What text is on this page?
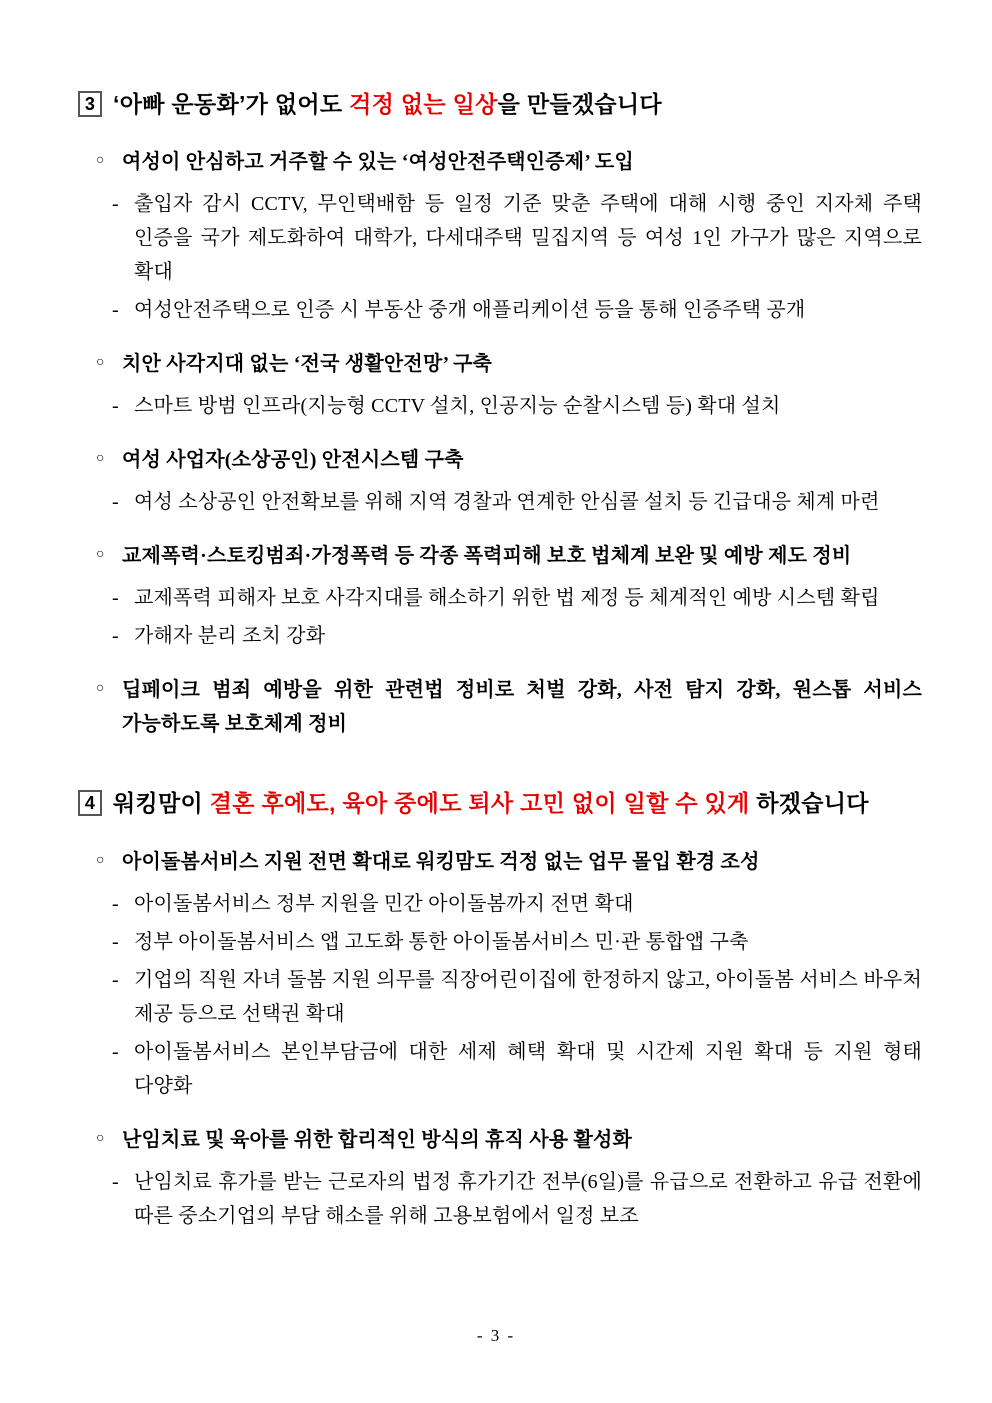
3 ‘아빠 운동화’가 없어도 걱정 없는 일상을 만들겠습니다
○ 여성이 안심하고 거주할 수 있는 ‘여성안전주택인증제’ 도입
- 출입자 감시 CCTV, 무인택배함 등 일정 기준 맞춘 주택에 대해 시행 중인 지자체 주택 인증을 국가 제도화하여 대학가, 다세대주택 밀집지역 등 여성 1인 가구가 많은 지역으로 확대
- 여성안전주택으로 인증 시 부동산 중개 애플리케이션 등을 통해 인증주택 공개
○ 치안 사각지대 없는 ‘전국 생활안전망’ 구축
- 스마트 방범 인프라(지능형 CCTV 설치, 인공지능 순찰시스템 등) 확대 설치
○ 여성 사업자(소상공인) 안전시스템 구축
- 여성 소상공인 안전확보를 위해 지역 경찰과 연계한 안심콜 설치 등 긴급대응 체계 마련
○ 교제폭력·스토킹범죄·가정폭력 등 각종 폭력피해 보호 법체계 보완 및 예방 제도 정비
- 교제폭력 피해자 보호 사각지대를 해소하기 위한 법 제정 등 체계적인 예방 시스템 확립
- 가해자 분리 조치 강화
○ 딥페이크 범죄 예방을 위한 관련법 정비로 처벌 강화, 사전 탐지 강화, 원스톱 서비스 가능하도록 보호체계 정비
4 워킹맘이 결혼 후에도, 육아 중에도 퇴사 고민 없이 일할 수 있게 하겠습니다
○ 아이돌봄서비스 지원 전면 확대로 워킹맘도 걱정 없는 업무 몰입 환경 조성
- 아이돌봄서비스 정부 지원을 민간 아이돌봄까지 전면 확대
- 정부 아이돌봄서비스 앱 고도화 통한 아이돌봄서비스 민·관 통합앱 구축
- 기업의 직원 자녀 돌봄 지원 의무를 직장어린이집에 한정하지 않고, 아이돌봄 서비스 바우처 제공 등으로 선택권 확대
- 아이돌봄서비스 본인부담금에 대한 세제 혜택 확대 및 시간제 지원 확대 등 지원 형태 다양화
○ 난임치료 및 육아를 위한 합리적인 방식의 휴직 사용 활성화
- 난임치료 휴가를 받는 근로자의 법정 휴가기간 전부(6일)를 유급으로 전환하고 유급 전환에 따른 중소기업의 부담 해소를 위해 고용보험에서 일정 보조
- 3 -
